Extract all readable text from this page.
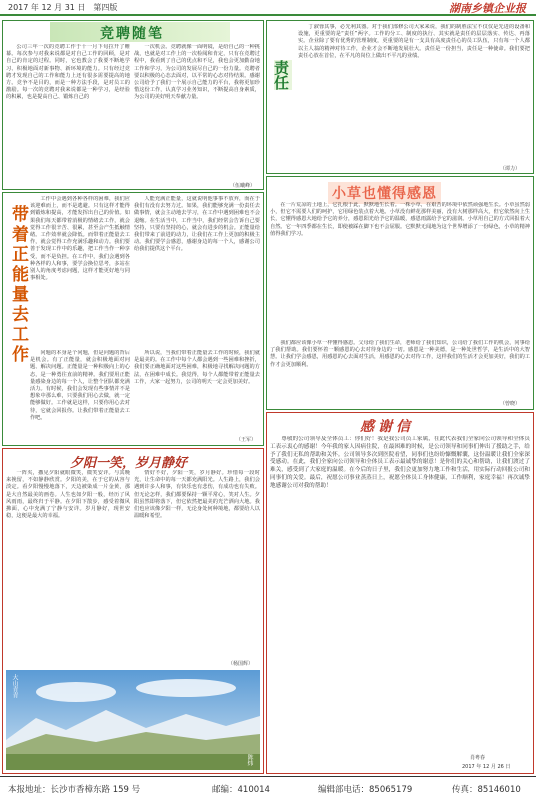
2017 年 12 月 31 日　第四版	湖南乡镇企业报
竞聘随笔

公司三年一次的竞聘工作于十一月下旬拉开了帷幕。每次参与对我来说都是对自己工作的回顾，是对自己的肯定的过程。同时，它也教会了我要不断地学习、积极地面对新事物、新环境的能力。只有经过竞聘才发现自己的工作和能力上还有很多需要提高的地方。竞争不是目的，而是一种方法手段，是对员工的激励。每一次的竞聘对我来说都是一种学习，是经验的积累，也是提高自己、锻炼自己的

一次机会。竞聘就像一面明镜，是给自己的一种挑战，也就是对工作上的一次检阅和肯定，只有在竞聘过程中，我看到了自己的优点和不足，我也会更加勤奋地工作和学习，为公司的发展尽自己的一份力量。竞聘者要以积极的心态去面对，以平常的心态对待结果。感谢公司给予了我们一个展示自己能力的平台，我将更加珍惜这份工作，认真学习业务知识，不断提高自身素质，为公司的美好明天奉献力量。

（伍曦峰）
责任

丁淑蓉其事，必先利其器。对于我们部修公司大家来说，我们的制胜法宝不仅仅是先进的设备和设施，更重要的是“责任”两字。工作的分工、制度的执行、其实就是责任的层层落实、传达、再落实。企业除了要有优秀的管理制度，更重要的是有一支具有高度责任心的员工队伍，只有每一个人都以主人翁的精神对待工作，企业才会不断地发展壮大。责任是一份担当，责任是一种使命。我们要把责任心放在首位，在平凡的岗位上做出不平凡的业绩。

（谭力）
带着正能量去工作

工作中会遇到各种各样的困难，我们应该迎难而上，而不是逃避。只有这样才能得到锻炼和提高，才能发挥出自己的价值。如果我们每天都带着消极的情绪去工作，就会觉得工作很辛苦、很累，甚至会产生抵触情绪。工作效率就会降低。而带着正能量去工作，就会觉得工作充满乐趣和动力。我们要善于发现工作中的乐趣，把工作当作一种享受，而不是负担。在工作中，我们会遇到各种各样的人和事，要学会换位思考，多站在别人的角度考虑问题，这样才能更好地与同事相处。

问题的本身是个问题，但是问题的背后是机会。有了正能量，就会积极地面对问题、解决问题。正能量是一种积极向上的心态，是一种勇往直前的精神。我们要用正能量感染身边的每一个人，让整个团队都充满活力。有时候，我们会发现有些事情并不是想象中那么难，只要我们用心去做，就一定能够做好。工作就是这样，只要你用心去对待，它就会回报你。让我们带着正能量去工作吧。

人能充满正能量，这就说明他事事不放弃，而在于我们有没有去努力过。如果，我们能够充满一份责任去做事情，就会主动地去学习，在工作中遇到困难也不会退缩。在生活当中，工作当中，我们经常会告诉自己要坚持，只要有坚持的心，就会有进步的机会。正能量给我们带来了前进的动力，让我们在工作上更加的积极主动。我们要学会感恩，感谢身边的每一个人，感谢公司给我们提供这个平台。

所以说，当我们带着正能量去工作的时候，我们就是最美的。在工作中每个人都会遇到一些困难和挫折，我们要正确地面对这些困难，积极地寻找解决问题的方法，在困难中成长。我觉得，每个人都能带着正能量去工作，大家一起努力，公司的明天一定会更加美好。

（王军）
小草也懂得感恩

在一片荒凉的土地上，它扎根于此，默默地生长着。一株小草，在艰苦的环境中依然顽强地生长。小草虽然弱小，但它不需要人们的呵护，它用绿色装点着大地。小草没有鲜花那样美丽，没有大树那样高大，但它依然向上生长，它懂得感恩大地给予它的养分，感恩阳光给予它的温暖，感恩雨露给予它的滋润。小草用自己的方式回报着大自然。它一年四季都在生长，即使被踩在脚下也不会屈服。它默默无闻地为这个世界增添了一份绿色，小草的精神值得我们学习。

我们都应该像小草一样懂得感恩。父母给了我们生命，老师给了我们知识，公司给了我们工作的机会，同事给了我们帮助。我们要怀着一颗感恩的心去对待身边的一切。感恩是一种美德，是一种处世哲学，是生活中的大智慧。让我们学会感恩，用感恩的心去面对生活，用感恩的心去对待工作，这样我们的生活才会更加美好，我们的工作才会更加顺利。

（曾晓）
夕阳一笑，岁月静好

一阵夹，撒见夕阳就眼微笑，微笑安详。与其晚来挽留，不如静静欣赏。夕阳的美，在于它的从容与淡定。看夕阳慢慢地落下，天边被染成一片金黄，那是大自然最美的画卷。人生也如夕阳一般，经历了风风雨雨，最终归于平静。在夕阳下散步，感受着微风拂面，心中充满了宁静与安详。岁月静好，现世安稳，这便是最大的幸福。

情好不好，夕阳一笑，岁月静好。珍惜每一段时光，让生命中的每一天都充满阳光。人生路上，我们会遇到许多人和事，有快乐也有悲伤，有成功也有失败。但无论怎样，我们都要保持一颗平常心，笑对人生。夕阳虽然即将落下，但它依然把最美的光芒洒向大地。我们也应该像夕阳一样，无论身处何种境地，都要给人以温暖和希望。

（杨国辉）
大山青青
陈炜
感谢信

尊敬的公司领导及全体员工：你们好！我是我公司员工家属，在此代表我们全家向公司领导和全体员工表示衷心的感谢！今年我的家人因病住院，在最困难的时候，是公司领导和同事们伸出了援助之手，给予了我们无私的帮助和关怀。公司领导多次到医院看望，同事们也纷纷慷慨解囊，这份温暖让我们全家深受感动。在此，我们全家向公司领导和全体员工表示最诚挚的谢意！是你们的关心和帮助，让我们渡过了难关，感受到了大家庭的温暖。在今后的日子里，我们会更加努力地工作和生活，用实际行动回报公司和同事们的关爱。最后，祝愿公司事业蒸蒸日上，祝愿全体员工身体健康，工作顺利，家庭幸福！再次诚挚地感谢公司对我的帮助！

肖粤春
2017 年 12 月 26 日
本报地址：长沙市香樟东路 159 号	邮编：410014	编辑部电话：85065179	传真：85146010
